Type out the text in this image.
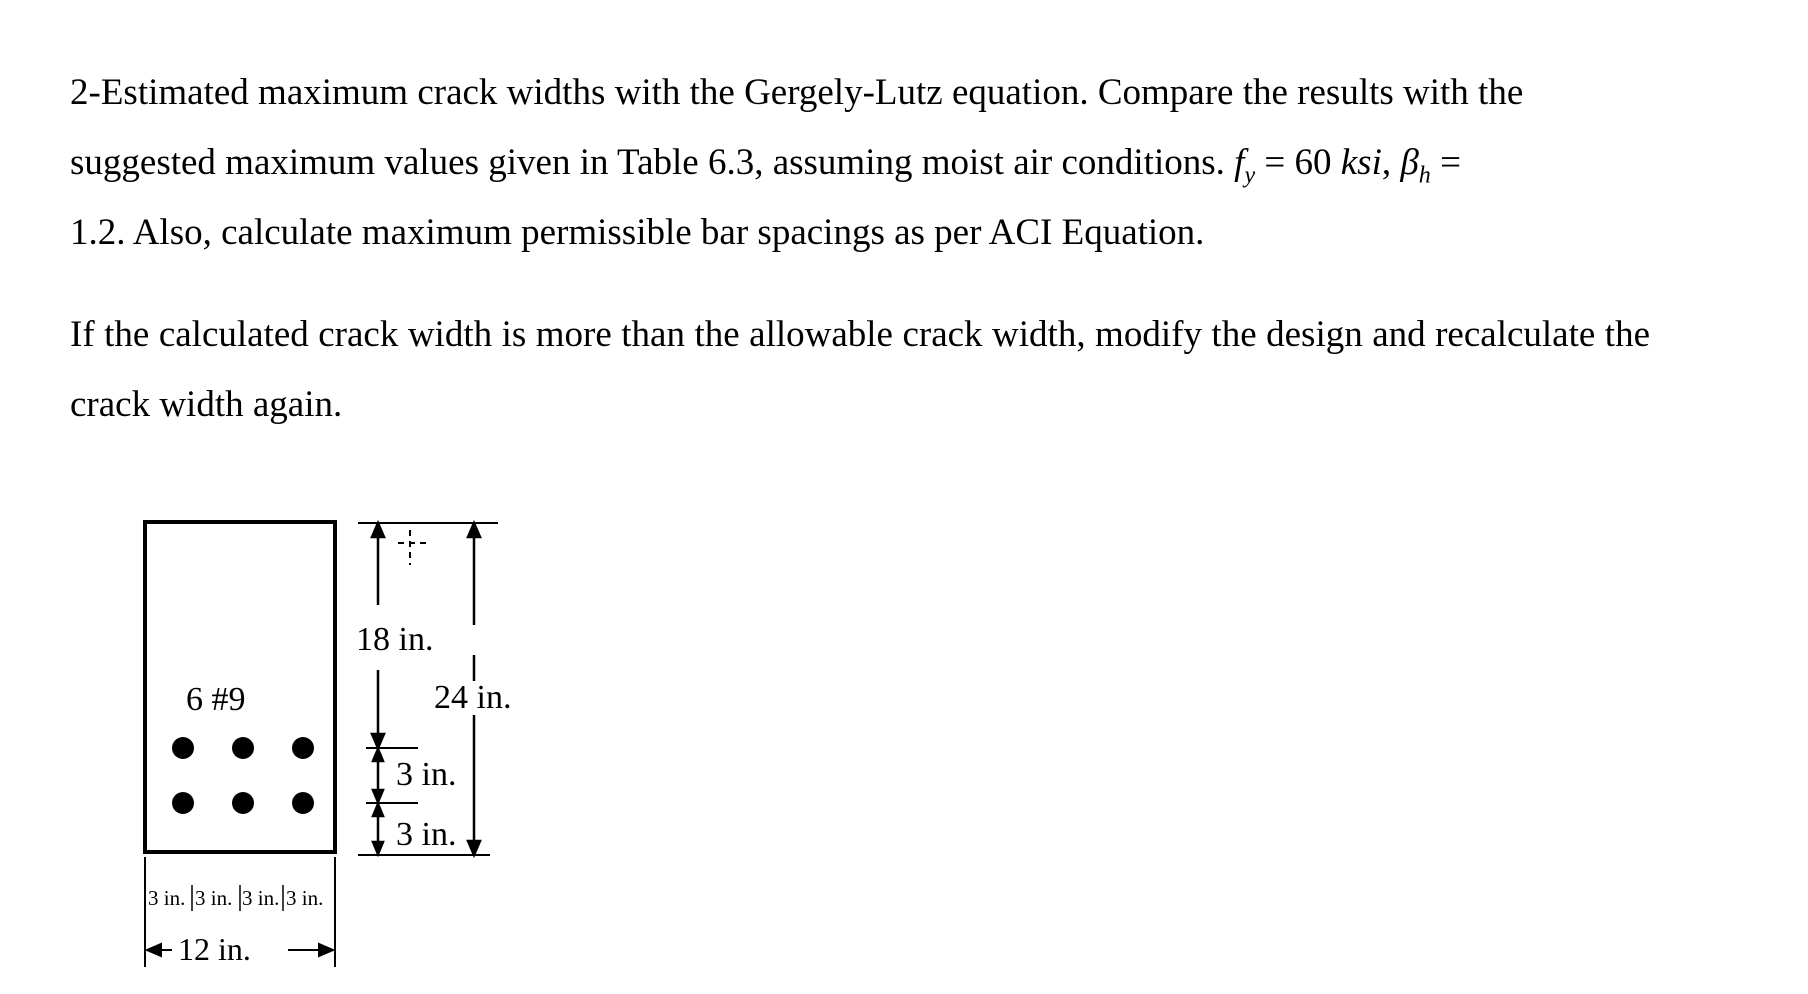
2-Estimated maximum crack widths with the Gergely-Lutz equation. Compare the results with the
suggested maximum values given in Table 6.3, assuming moist air conditions. $f_y = 60$ ksi, $\beta_h$ =
1.2. Also, calculate maximum permissible bar spacings as per ACI Equation.

If the calculated crack width is more than the allowable crack width, modify the design and recalculate the crack width again.

6 #9
18 in.
24 in.
3 in.
3 in.
3 in. 3 in. 3 in. 3 in.
12 in.
